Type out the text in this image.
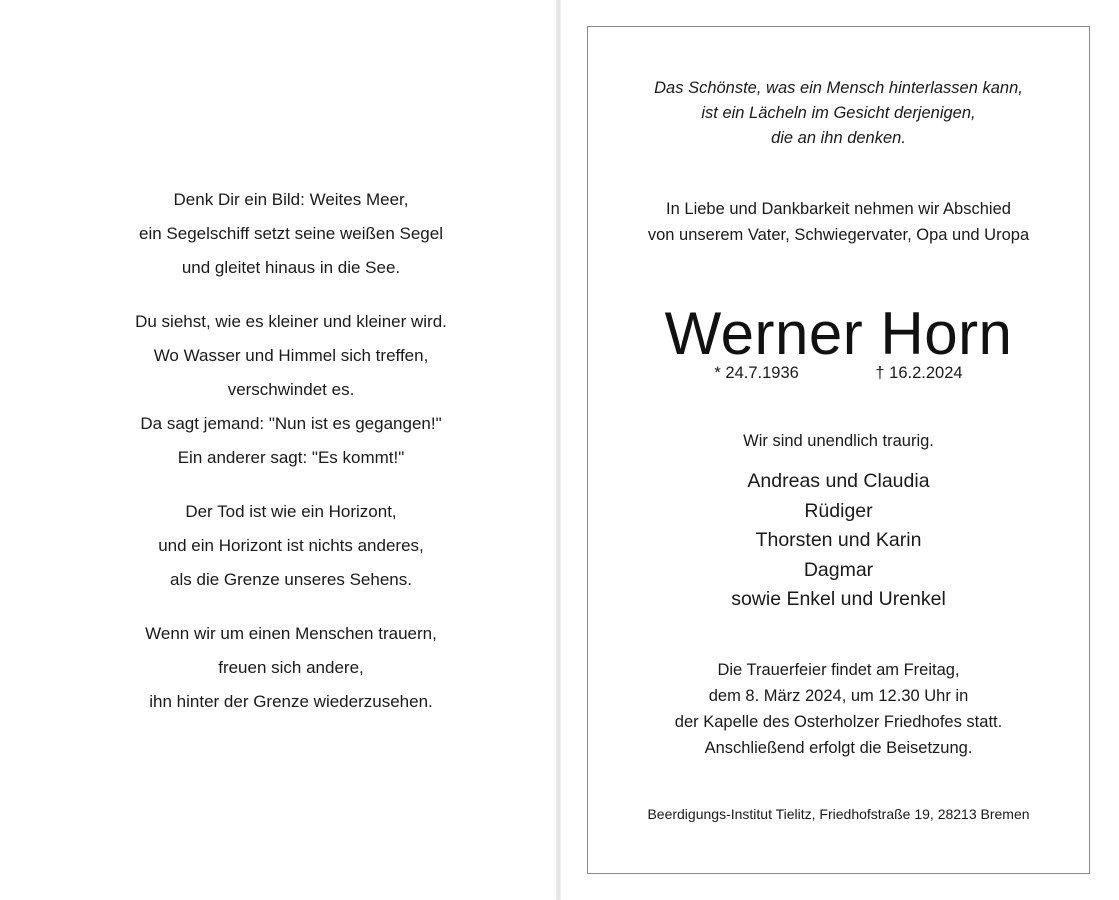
Denk Dir ein Bild: Weites Meer,
ein Segelschiff setzt seine weißen Segel
und gleitet hinaus in die See.
Du siehst, wie es kleiner und kleiner wird.
Wo Wasser und Himmel sich treffen,
verschwindet es.
Da sagt jemand: "Nun ist es gegangen!"
Ein anderer sagt: "Es kommt!"
Der Tod ist wie ein Horizont,
und ein Horizont ist nichts anderes,
als die Grenze unseres Sehens.
Wenn wir um einen Menschen trauern,
freuen sich andere,
ihn hinter der Grenze wiederzusehen.
Das Schönste, was ein Mensch hinterlassen kann,
ist ein Lächeln im Gesicht derjenigen,
die an ihn denken.
In Liebe und Dankbarkeit nehmen wir Abschied
von unserem Vater, Schwiegervater, Opa und Uropa
Werner Horn
* 24.7.1936	† 16.2.2024
Wir sind unendlich traurig.
Andreas und Claudia
Rüdiger
Thorsten und Karin
Dagmar
sowie Enkel und Urenkel
Die Trauerfeier findet am Freitag,
dem 8. März 2024, um 12.30 Uhr in
der Kapelle des Osterholzer Friedhofes statt.
Anschließend erfolgt die Beisetzung.
Beerdigungs-Institut Tielitz, Friedhofstraße 19, 28213 Bremen
